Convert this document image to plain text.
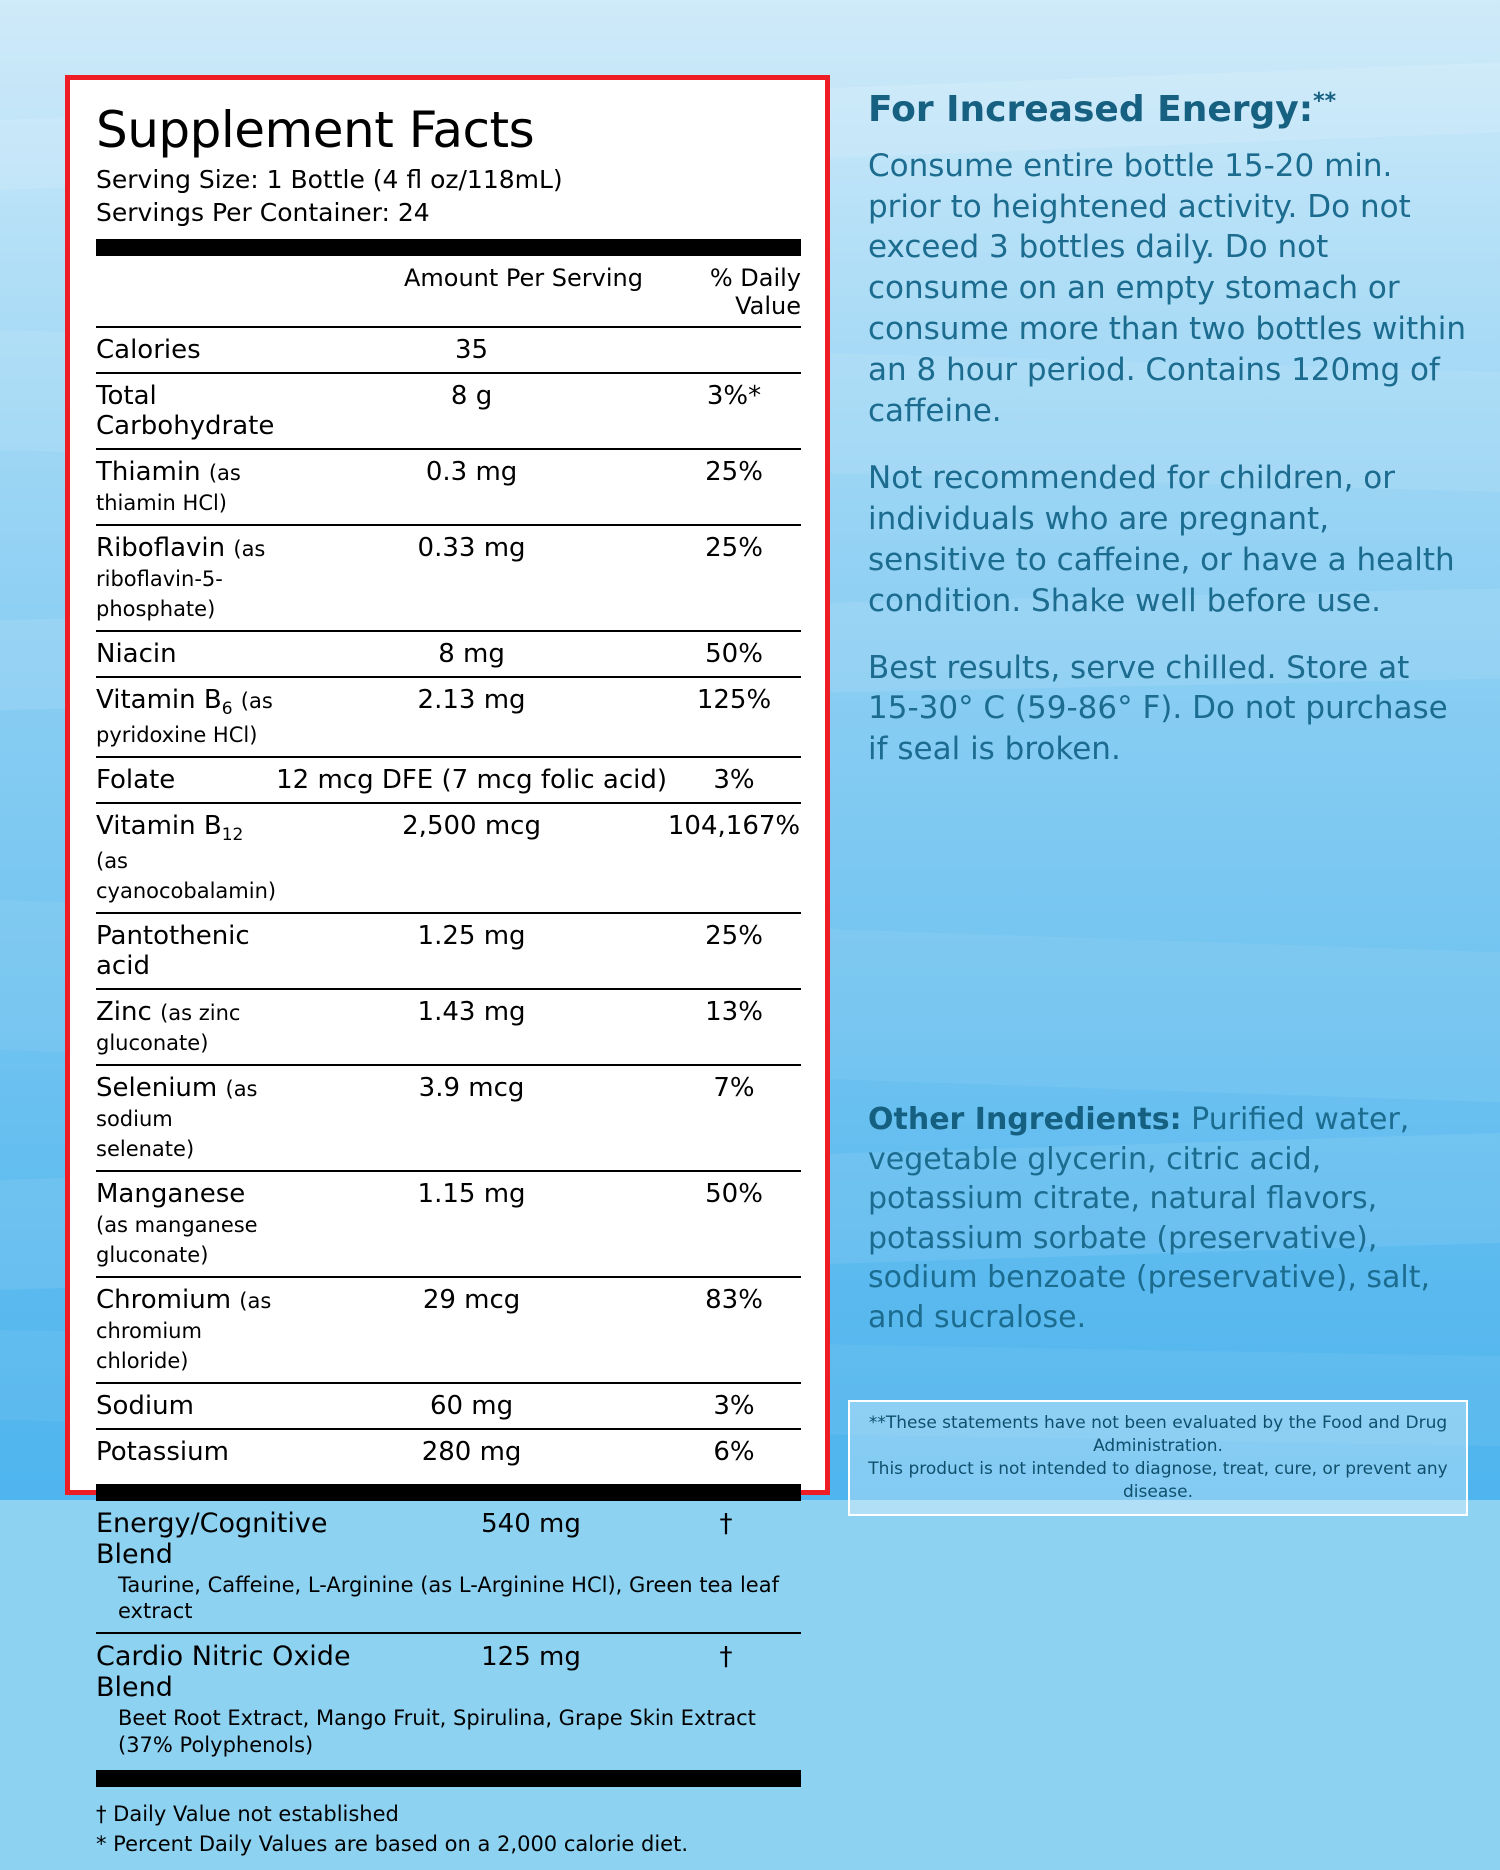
Supplement Facts
Serving Size: 1 Bottle (4 fl oz/118mL)
Servings Per Container: 24
Amount Per Serving	% Daily Value
Calories	35	
Total Carbohydrate	8 g	3%*
Thiamin (as thiamin HCl)	0.3 mg	25%
Riboflavin (as riboflavin-5-phosphate)	0.33 mg	25%
Niacin	8 mg	50%
Vitamin $B_6$ (as pyridoxine HCl)	2.13 mg	125%
Folate	12 mcg DFE (7 mcg folic acid)	3%
Vitamin $B_{12}$ (as cyanocobalamin)	2,500 mcg	104,167%
Pantothenic acid	1.25 mg	25%
Zinc (as zinc gluconate)	1.43 mg	13%
Selenium (as sodium selenate)	3.9 mcg	7%
Manganese (as manganese gluconate)	1.15 mg	50%
Chromium (as chromium chloride)	29 mcg	83%
Sodium	60 mg	3%
Potassium	280 mg	6%
Energy/Cognitive Blend	540 mg	†
Taurine, Caffeine, L-Arginine (as L-Arginine HCl), Green tea leaf extract
Cardio Nitric Oxide Blend	125 mg	†
Beet Root Extract, Mango Fruit, Spirulina, Grape Skin Extract (37% Polyphenols)
† Daily Value not established
* Percent Daily Values are based on a 2,000 calorie diet.
For Increased Energy:**

Consume entire bottle 15-20 min. prior to heightened activity. Do not exceed 3 bottles daily. Do not consume on an empty stomach or consume more than two bottles within an 8 hour period. Contains 120mg of caffeine.

Not recommended for children, or individuals who are pregnant, sensitive to caffeine, or have a health condition. Shake well before use.

Best results, serve chilled. Store at 15-30° C (59-86° F). Do not purchase if seal is broken.

Other Ingredients: Purified water, vegetable glycerin, citric acid, potassium citrate, natural flavors, potassium sorbate (preservative), sodium benzoate (preservative), salt, and sucralose.
**These statements have not been evaluated by the Food and Drug Administration.
This product is not intended to diagnose, treat, cure, or prevent any disease.
